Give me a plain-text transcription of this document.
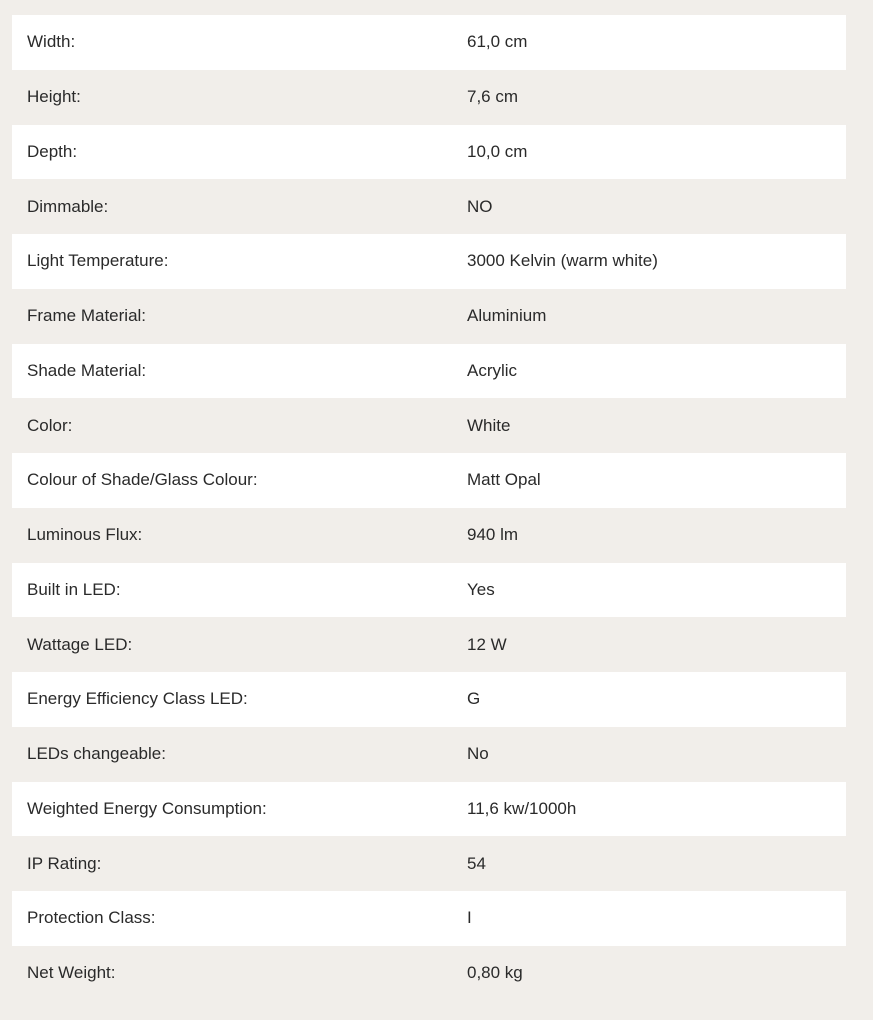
Width:	61,0 cm
Height:	7,6 cm
Depth:	10,0 cm
Dimmable:	NO
Light Temperature:	3000 Kelvin (warm white)
Frame Material:	Aluminium
Shade Material:	Acrylic
Color:	White
Colour of Shade/Glass Colour:	Matt Opal
Luminous Flux:	940 lm
Built in LED:	Yes
Wattage LED:	12 W
Energy Efficiency Class LED:	G
LEDs changeable:	No
Weighted Energy Consumption:	11,6 kw/1000h
IP Rating:	54
Protection Class:	I
Net Weight:	0,80 kg
